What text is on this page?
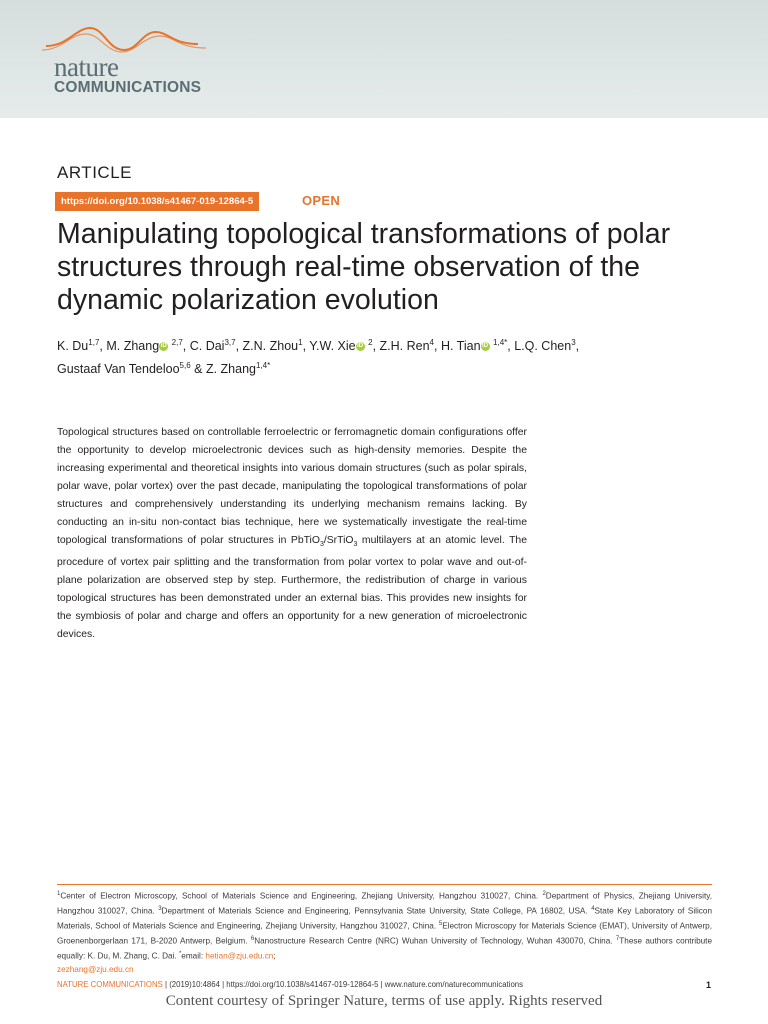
nature
COMMUNICATIONS
ARTICLE
https://doi.org/10.1038/s41467-019-12864-5	OPEN
Manipulating topological transformations of polar
structures through real-time observation of the
dynamic polarization evolution
K. Du$^{1,7}$, M. Zhang iD $^{2,7}$, C. Dai$^{3,7}$, Z.N. Zhou$^1$, Y.W. Xie iD $^2$, Z.H. Ren$^4$, H. Tian iD $^{1,4*}$, L.Q. Chen$^3$,
Gustaaf Van Tendeloo$^{5,6}$ & Z. Zhang$^{1,4*}$

Topological structures based on controllable ferroelectric or ferromagnetic domain configurations offer the opportunity to develop microelectronic devices such as high-density memories. Despite the increasing experimental and theoretical insights into various domain structures (such as polar spirals, polar wave, polar vortex) over the past decade, manipulating the topological transformations of polar structures and comprehensively understanding its underlying mechanism remains lacking. By conducting an in-situ non-contact bias technique, here we systematically investigate the real-time topological transformations of polar structures in PbTiO$_3$/SrTiO$_3$ multilayers at an atomic level. The procedure of vortex pair splitting and the transformation from polar vortex to polar wave and out-of-plane polarization are observed step by step. Furthermore, the redistribution of charge in various topological structures has been demonstrated under an external bias. This provides new insights for the symbiosis of polar and charge and offers an opportunity for a new generation of microelectronic devices.

$^1$Center of Electron Microscopy, School of Materials Science and Engineering, Zhejiang University, Hangzhou 310027, China. $^2$Department of Physics, Zhejiang University, Hangzhou 310027, China. $^3$Department of Materials Science and Engineering, Pennsylvania State University, State College, PA 16802, USA. $^4$State Key Laboratory of Silicon Materials, School of Materials Science and Engineering, Zhejiang University, Hangzhou 310027, China. $^5$Electron Microscopy for Materials Science (EMAT), University of Antwerp, Groenenborgerlaan 171, B-2020 Antwerp, Belgium. $^6$Nanostructure Research Centre (NRC) Wuhan University of Technology, Wuhan 430070, China. $^7$These authors contribute equally: K. Du, M. Zhang, C. Dai. *email: hetian@zju.edu.cn;
zezhang@zju.edu.cn
NATURE COMMUNICATIONS | (2019)10:4864 | https://doi.org/10.1038/s41467-019-12864-5 | www.nature.com/naturecommunications	1
Content courtesy of Springer Nature, terms of use apply. Rights reserved
